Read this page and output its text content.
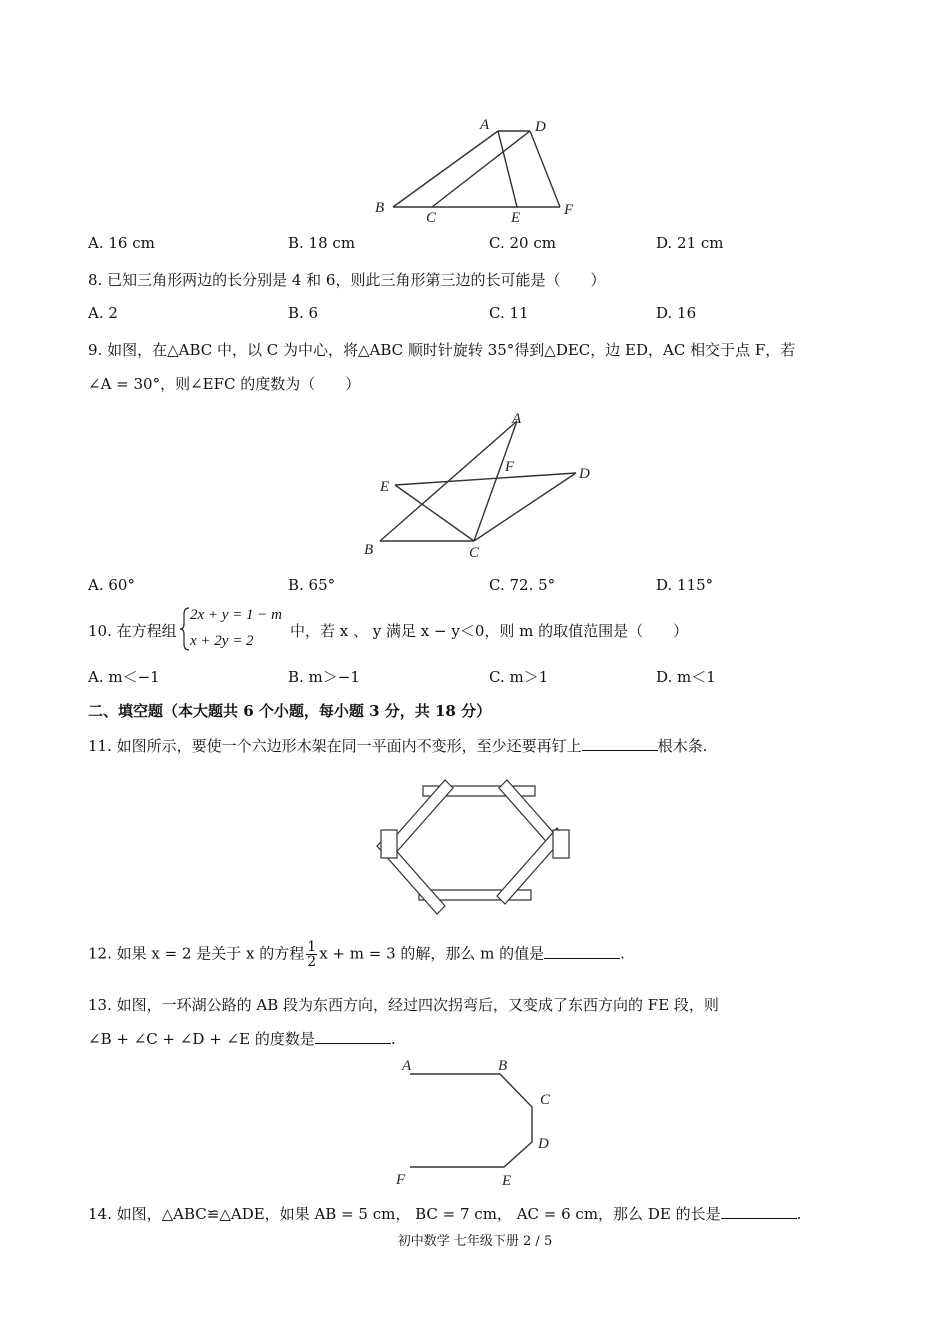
A	D
B
C	E	F
A. 16 cm	B. 18 cm	C. 20 cm	D. 21 cm
8. 已知三角形两边的长分别是 4 和 6，则此三角形第三边的长可能是（　　）
A. 2	B. 6	C. 11	D. 16
9. 如图，在△ABC 中，以 C 为中心，将△ABC 顺时针旋转 35°得到△DEC，边 ED，AC 相交于点 F，若
∠A = 30°，则∠EFC 的度数为（　　）
A
F	D
E
B	C
A. 60°	B. 65°	C. 72. 5°	D. 115°
10. 在方程组
2x + y = 1 − m
x + 2y = 2
中，若 x 、 y 满足 x − y＜0，则 m 的取值范围是（　　）
A. m＜−1	B. m＞−1	C. m＞1	D. m＜1
二、填空题（本大题共 6 个小题，每小题 3 分，共 18 分）
11. 如图所示，要使一个六边形木架在同一平面内不变形，至少还要再钉上	根木条.
12. 如果 x = 2 是关于 x 的方程 $\frac{1}{2}$ x + m = 3 的解，那么 m 的值是	.
13. 如图，一环湖公路的 AB 段为东西方向，经过四次拐弯后，又变成了东西方向的 FE 段，则
∠B + ∠C + ∠D + ∠E 的度数是	.
A	B
C
D
F	E
14. 如图，△ABC≌△ADE，如果 AB = 5 cm， BC = 7 cm， AC = 6 cm，那么 DE 的长是	.
初中数学 七年级下册 2 / 5
